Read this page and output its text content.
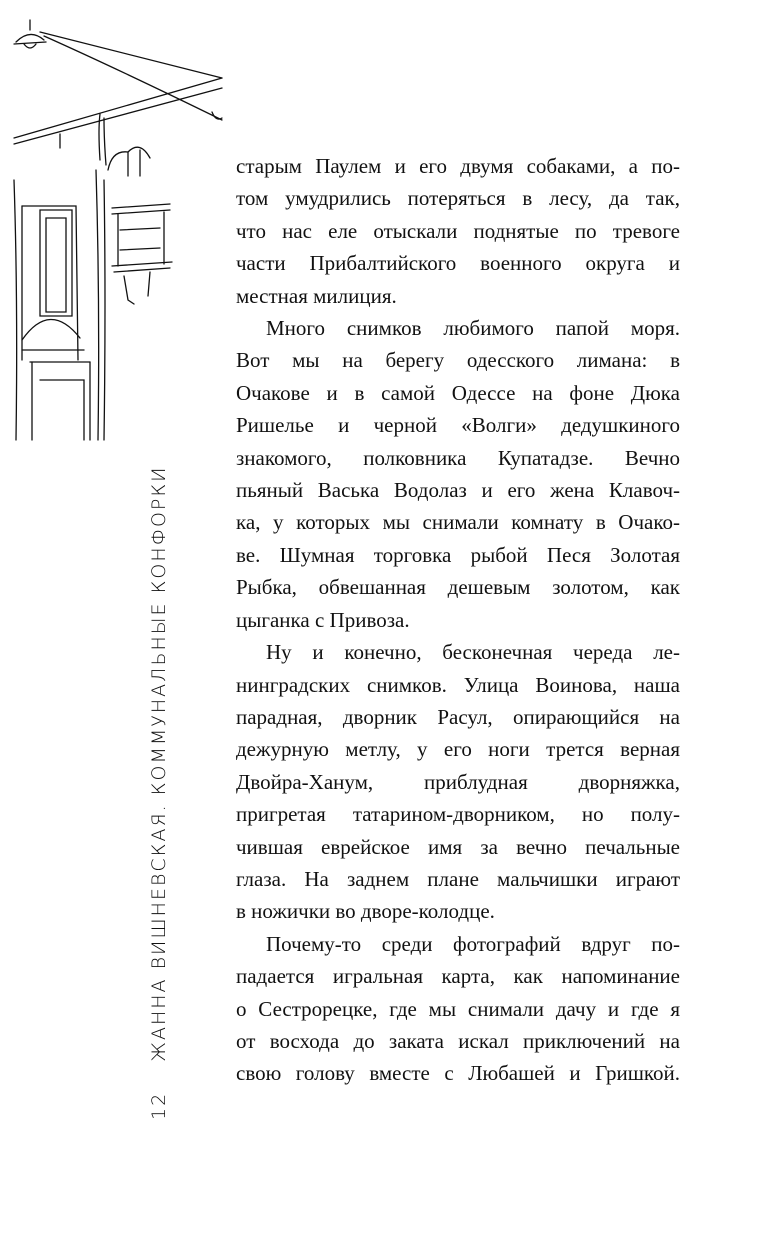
12 ЖАННА ВИШНЕВСКАЯ. КОММУНАЛЬНЫЕ КОНФОРКИ

старым Паулем и его двумя собаками, а по-
том умудрились потеряться в лесу, да так,
что нас еле отыскали поднятые по тревоге
части Прибалтийского военного округа и
местная милиция.

Много снимков любимого папой моря.
Вот мы на берегу одесского лимана: в
Очакове и в самой Одессе на фоне Дюка
Ришелье и черной «Волги» дедушкиного
знакомого, полковника Купатадзе. Вечно
пьяный Васька Водолаз и его жена Клавоч-
ка, у которых мы снимали комнату в Очако-
ве. Шумная торговка рыбой Песя Золотая
Рыбка, обвешанная дешевым золотом, как
цыганка с Привоза.

Ну и конечно, бесконечная череда ле-
нинградских снимков. Улица Воинова, наша
парадная, дворник Расул, опирающийся на
дежурную метлу, у его ноги трется верная
Двойра-Ханум, приблудная дворняжка,
пригретая татарином-дворником, но полу-
чившая еврейское имя за вечно печальные
глаза. На заднем плане мальчишки играют
в ножички во дворе-колодце.

Почему-то среди фотографий вдруг по-
падается игральная карта, как напоминание
о Сестрорецке, где мы снимали дачу и где я
от восхода до заката искал приключений на
свою голову вместе с Любашей и Гришкой.
